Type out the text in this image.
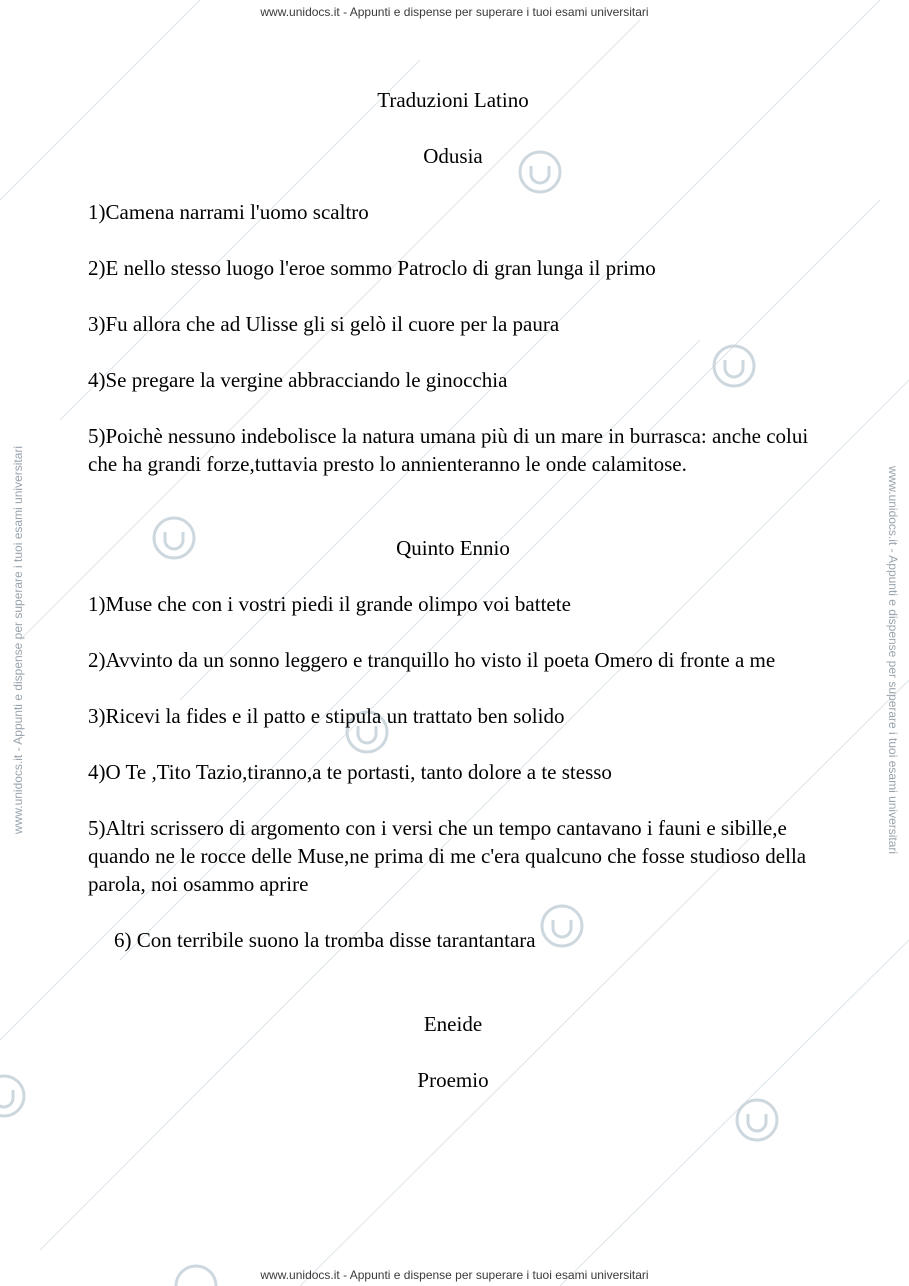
www.unidocs.it - Appunti e dispense per superare i tuoi esami universitari
www.unidocs.it - Appunti e dispense per superare i tuoi esami universitari
www.unidocs.it - Appunti e dispense per superare i tuoi esami universitari	www.unidocs.it - Appunti e dispense per superare i tuoi esami universitari

Traduzioni Latino

Odusia

1)Camena narrami l'uomo scaltro

2)E nello stesso luogo l'eroe sommo Patroclo di gran lunga il primo

3)Fu allora che ad Ulisse gli si gelò il cuore per la paura

4)Se pregare la vergine abbracciando le ginocchia

5)Poichè nessuno indebolisce la natura umana più di un mare in burrasca: anche colui che ha grandi forze,tuttavia presto lo annienteranno le onde calamitose.

Quinto Ennio

1)Muse che con i vostri piedi il grande olimpo voi battete

2)Avvinto da un sonno leggero e tranquillo ho visto il poeta Omero di fronte a me

3)Ricevi la fides e il patto e stipula un trattato ben solido

4)O Te ,Tito Tazio,tiranno,a te portasti, tanto dolore a te stesso

5)Altri scrissero di argomento con i versi che un tempo cantavano i fauni e sibille,e quando ne le rocce delle Muse,ne prima di me c'era qualcuno che fosse studioso della parola, noi osammo aprire

6) Con terribile suono la tromba disse tarantantara

Eneide

Proemio
